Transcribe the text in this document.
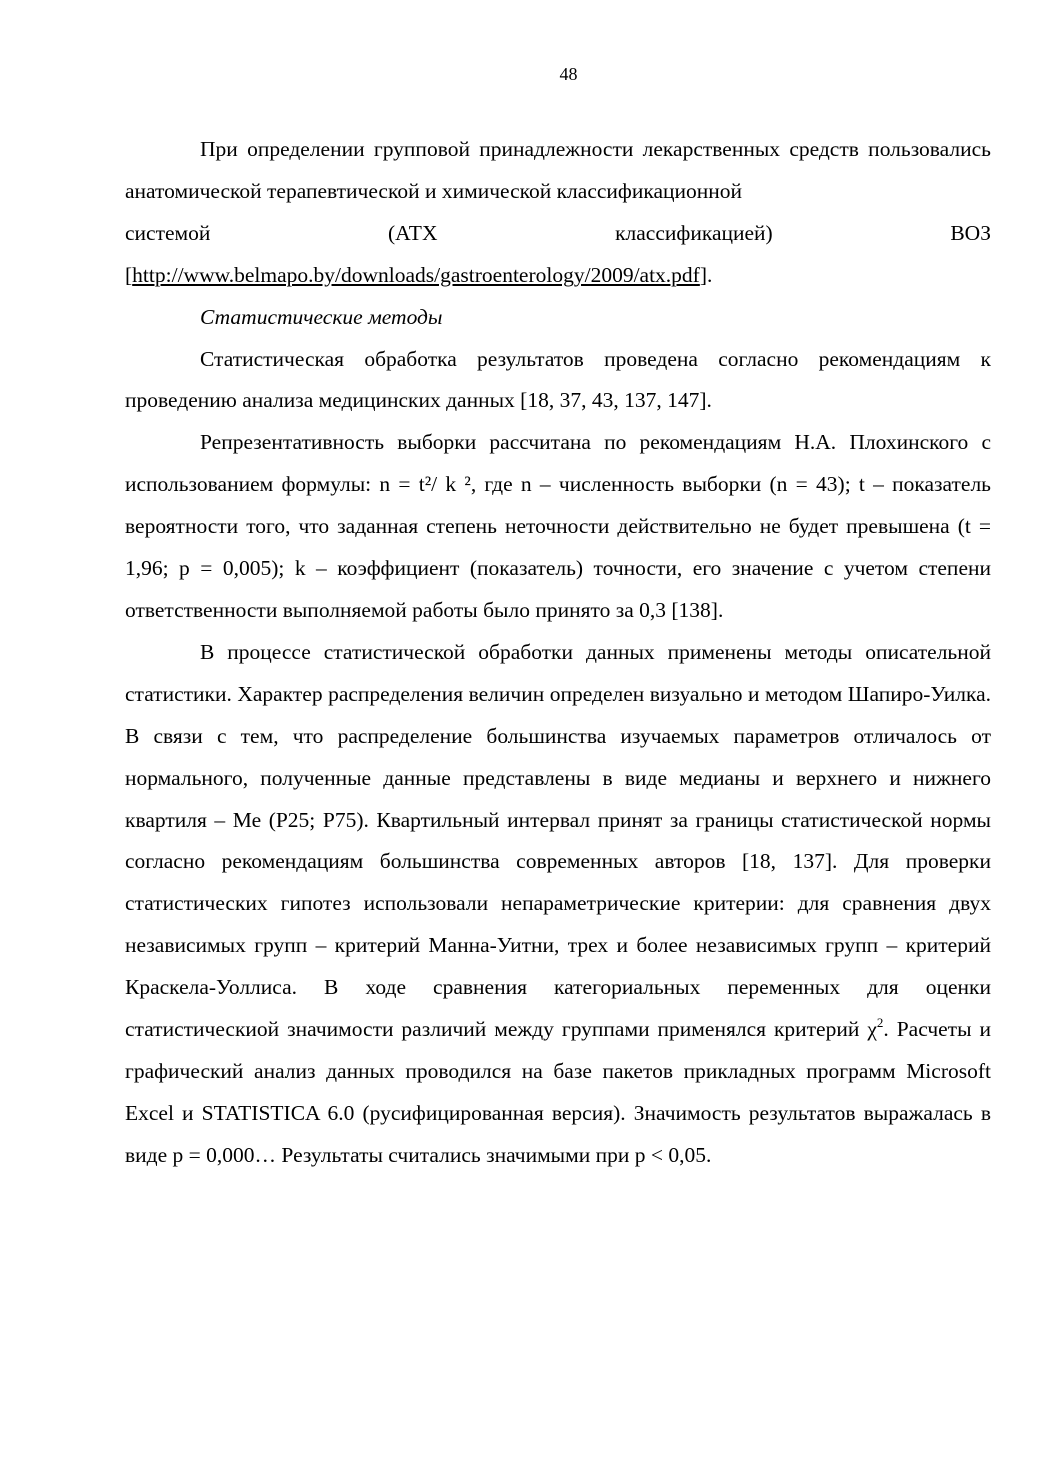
48

При определении групповой принадлежности лекарственных средств пользовались анатомической терапевтической и химической классификационной

системой	(АТХ	классификацией)	ВОЗ
[http://www.belmapo.by/downloads/gastroenterology/2009/atx.pdf].
Статистические методы

Статистическая обработка результатов проведена согласно рекомендациям к проведению анализа медицинских данных [18, 37, 43, 137, 147].

Репрезентативность выборки рассчитана по рекомендациям Н.А. Плохинского с использованием формулы: n = t²/ k ², где n – численность выборки (n = 43); t – показатель вероятности того, что заданная степень неточности действительно не будет превышена (t = 1,96; p = 0,005); k – коэффициент (показатель) точности, его значение с учетом степени ответственности выполняемой работы было принято за 0,3 [138].

В процессе статистической обработки данных применены методы описательной статистики. Характер распределения величин определен визуально и методом Шапиро-Уилка. В связи с тем, что распределение большинства изучаемых параметров отличалось от нормального, полученные данные представлены в виде медианы и верхнего и нижнего квартиля – Ме (Р25; Р75). Квартильный интервал принят за границы статистической нормы согласно рекомендациям большинства современных авторов [18, 137]. Для проверки статистических гипотез использовали непараметрические критерии: для сравнения двух независимых групп – критерий Манна-Уитни, трех и более независимых групп – критерий Краскела-Уоллиса. В ходе сравнения категориальных переменных для оценки статистическиой значимости различий между группами применялся критерий $\chi^2$. Расчеты и графический анализ данных проводился на базе пакетов прикладных программ Microsoft Excel и STATISTICA 6.0 (русифицированная версия). Значимость результатов выражалась в виде р = 0,000… Результаты считались значимыми при р < 0,05.
